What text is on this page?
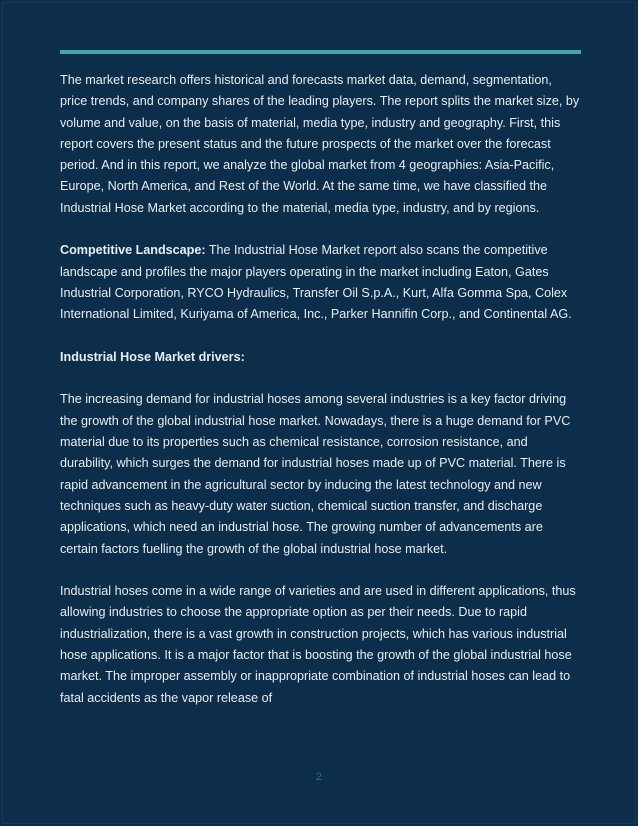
The market research offers historical and forecasts market data, demand, segmentation, price trends, and company shares of the leading players. The report splits the market size, by volume and value, on the basis of material, media type, industry and geography. First, this report covers the present status and the future prospects of the market over the forecast period. And in this report, we analyze the global market from 4 geographies: Asia-Pacific, Europe, North America, and Rest of the World. At the same time, we have classified the Industrial Hose Market according to the material, media type, industry, and by regions.

Competitive Landscape: The Industrial Hose Market report also scans the competitive landscape and profiles the major players operating in the market including Eaton, Gates Industrial Corporation, RYCO Hydraulics, Transfer Oil S.p.A., Kurt, Alfa Gomma Spa, Colex International Limited, Kuriyama of America, Inc., Parker Hannifin Corp., and Continental AG.

Industrial Hose Market drivers:

The increasing demand for industrial hoses among several industries is a key factor driving the growth of the global industrial hose market. Nowadays, there is a huge demand for PVC material due to its properties such as chemical resistance, corrosion resistance, and durability, which surges the demand for industrial hoses made up of PVC material. There is rapid advancement in the agricultural sector by inducing the latest technology and new techniques such as heavy-duty water suction, chemical suction transfer, and discharge applications, which need an industrial hose. The growing number of advancements are certain factors fuelling the growth of the global industrial hose market.

Industrial hoses come in a wide range of varieties and are used in different applications, thus allowing industries to choose the appropriate option as per their needs. Due to rapid industrialization, there is a vast growth in construction projects, which has various industrial hose applications. It is a major factor that is boosting the growth of the global industrial hose market. The improper assembly or inappropriate combination of industrial hoses can lead to fatal accidents as the vapor release of

2
